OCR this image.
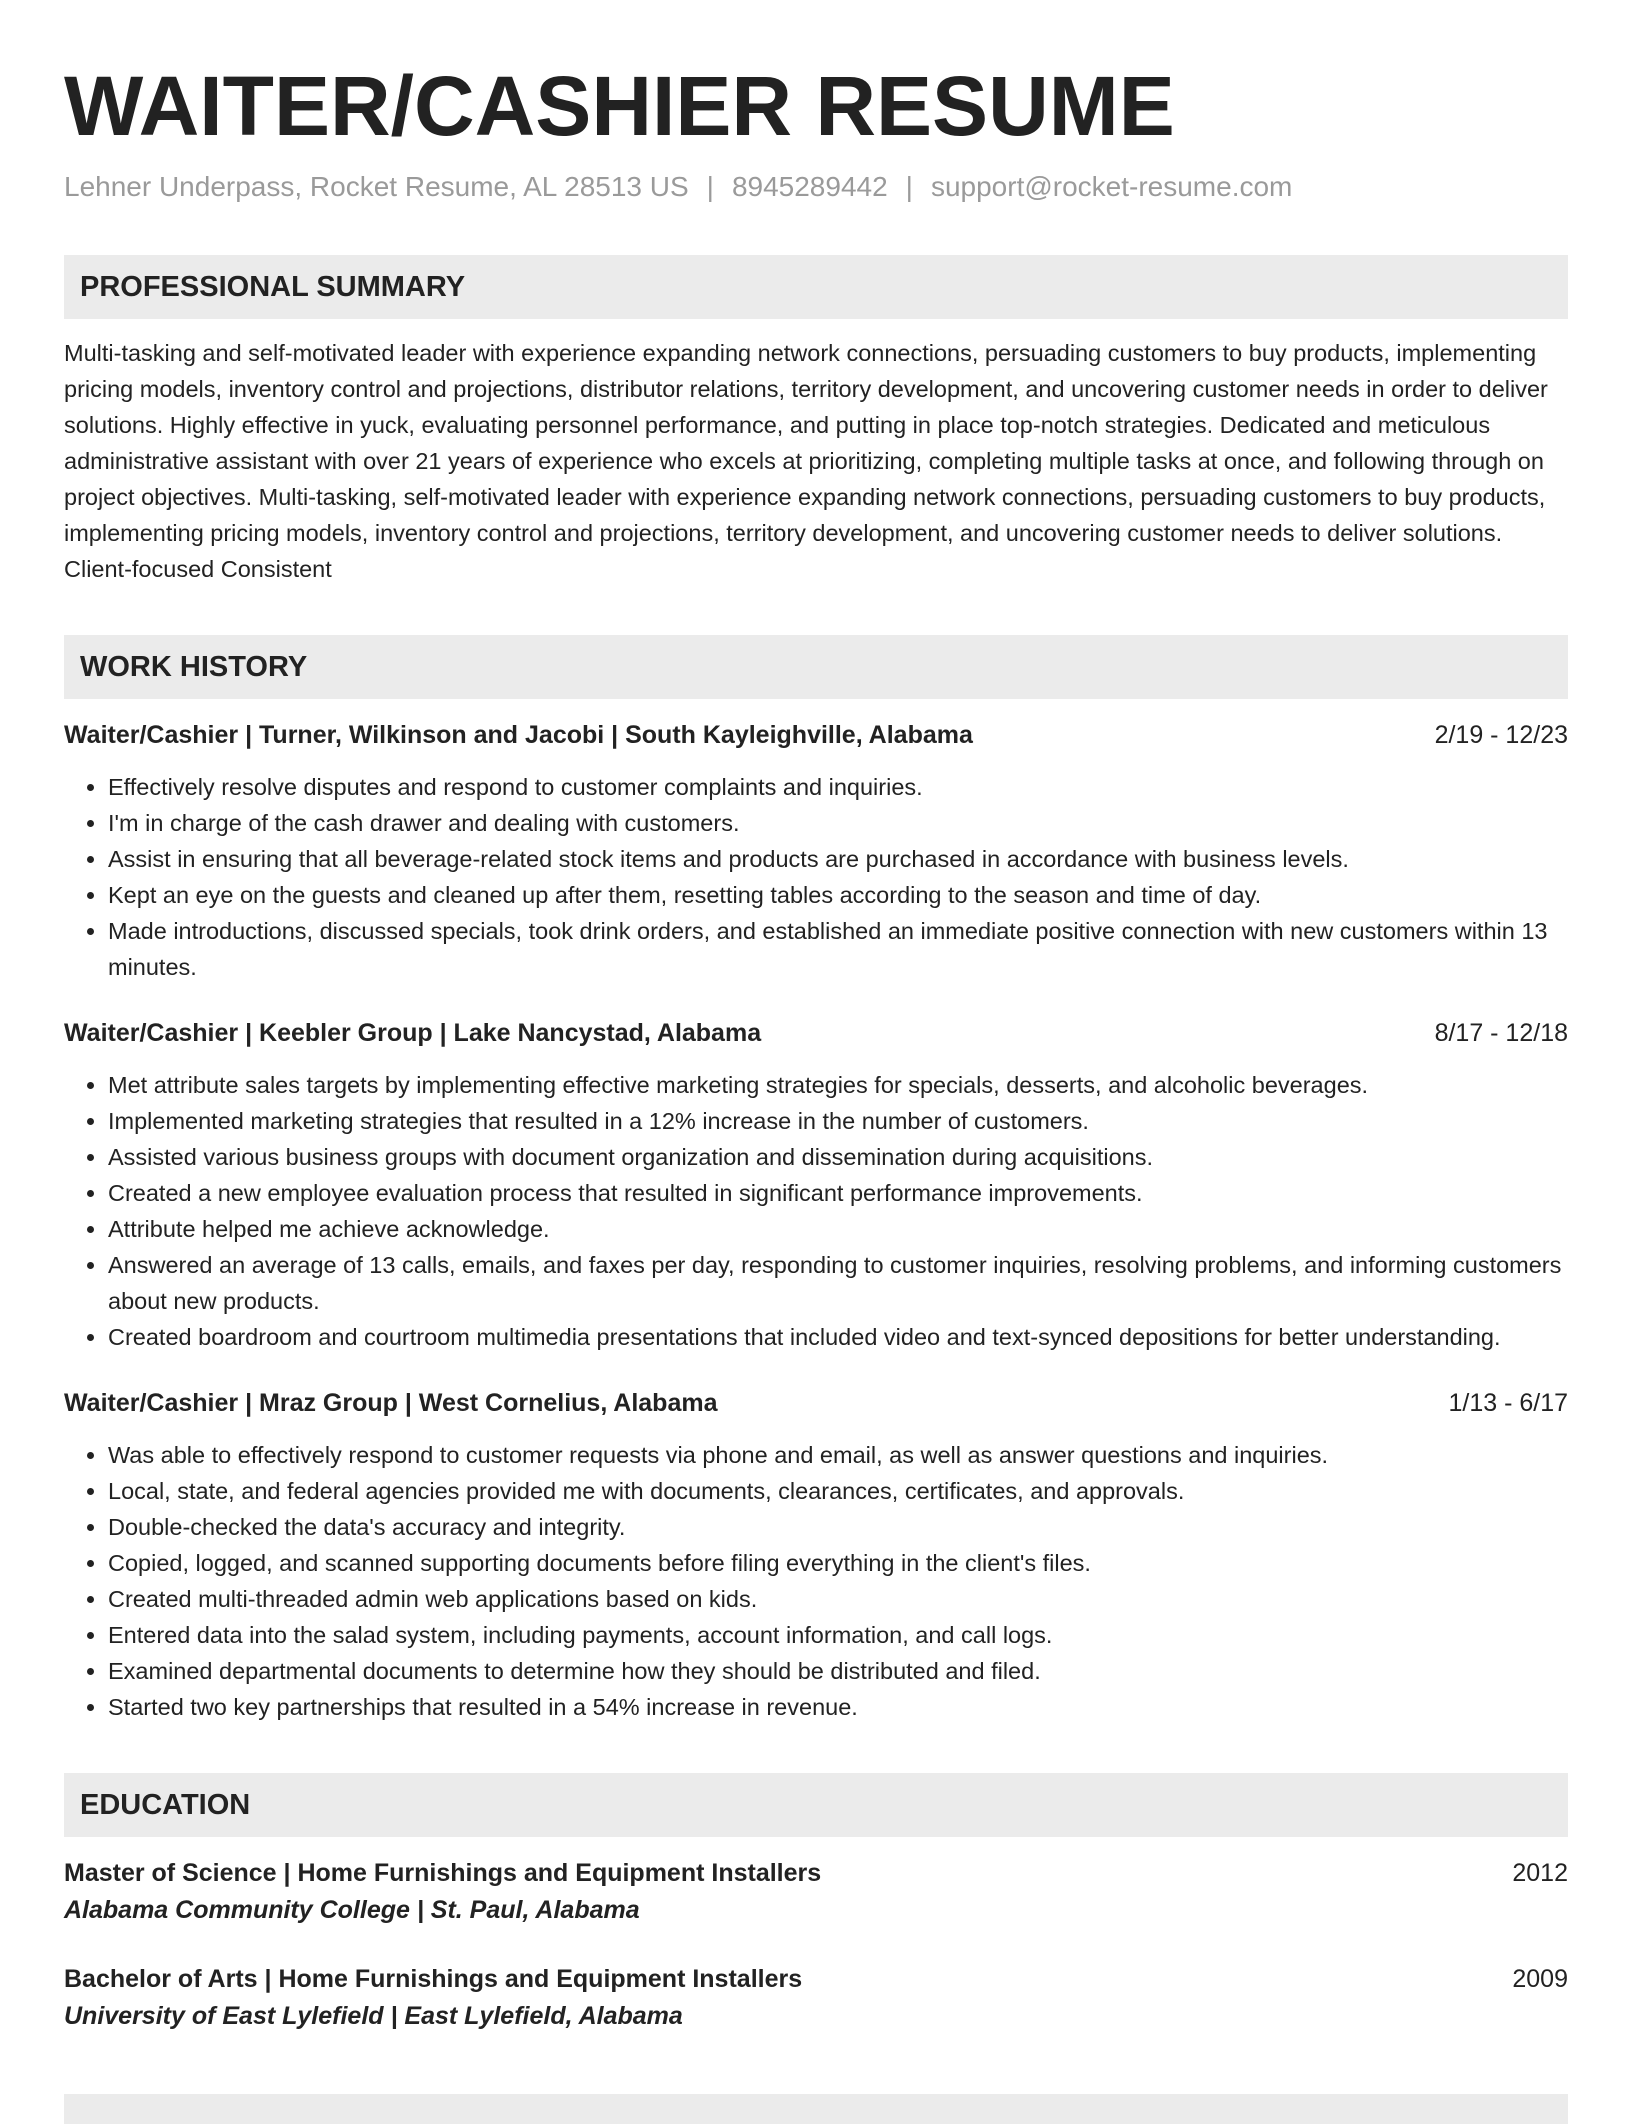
WAITER/CASHIER RESUME
Lehner Underpass, Rocket Resume, AL 28513 US | 8945289442 | support@rocket-resume.com
PROFESSIONAL SUMMARY
Multi-tasking and self-motivated leader with experience expanding network connections, persuading customers to buy products, implementing pricing models, inventory control and projections, distributor relations, territory development, and uncovering customer needs in order to deliver solutions. Highly effective in yuck, evaluating personnel performance, and putting in place top-notch strategies. Dedicated and meticulous administrative assistant with over 21 years of experience who excels at prioritizing, completing multiple tasks at once, and following through on project objectives. Multi-tasking, self-motivated leader with experience expanding network connections, persuading customers to buy products, implementing pricing models, inventory control and projections, territory development, and uncovering customer needs to deliver solutions. Client-focused Consistent
WORK HISTORY
Waiter/Cashier | Turner, Wilkinson and Jacobi | South Kayleighville, Alabama	2/19 - 12/23
• Effectively resolve disputes and respond to customer complaints and inquiries.
• I'm in charge of the cash drawer and dealing with customers.
• Assist in ensuring that all beverage-related stock items and products are purchased in accordance with business levels.
• Kept an eye on the guests and cleaned up after them, resetting tables according to the season and time of day.
• Made introductions, discussed specials, took drink orders, and established an immediate positive connection with new customers within 13 minutes.
Waiter/Cashier | Keebler Group | Lake Nancystad, Alabama	8/17 - 12/18
• Met attribute sales targets by implementing effective marketing strategies for specials, desserts, and alcoholic beverages.
• Implemented marketing strategies that resulted in a 12% increase in the number of customers.
• Assisted various business groups with document organization and dissemination during acquisitions.
• Created a new employee evaluation process that resulted in significant performance improvements.
• Attribute helped me achieve acknowledge.
• Answered an average of 13 calls, emails, and faxes per day, responding to customer inquiries, resolving problems, and informing customers about new products.
• Created boardroom and courtroom multimedia presentations that included video and text-synced depositions for better understanding.
Waiter/Cashier | Mraz Group | West Cornelius, Alabama	1/13 - 6/17
• Was able to effectively respond to customer requests via phone and email, as well as answer questions and inquiries.
• Local, state, and federal agencies provided me with documents, clearances, certificates, and approvals.
• Double-checked the data's accuracy and integrity.
• Copied, logged, and scanned supporting documents before filing everything in the client's files.
• Created multi-threaded admin web applications based on kids.
• Entered data into the salad system, including payments, account information, and call logs.
• Examined departmental documents to determine how they should be distributed and filed.
• Started two key partnerships that resulted in a 54% increase in revenue.
EDUCATION
Master of Science | Home Furnishings and Equipment Installers	2012
Alabama Community College | St. Paul, Alabama
Bachelor of Arts | Home Furnishings and Equipment Installers	2009
University of East Lylefield | East Lylefield, Alabama
